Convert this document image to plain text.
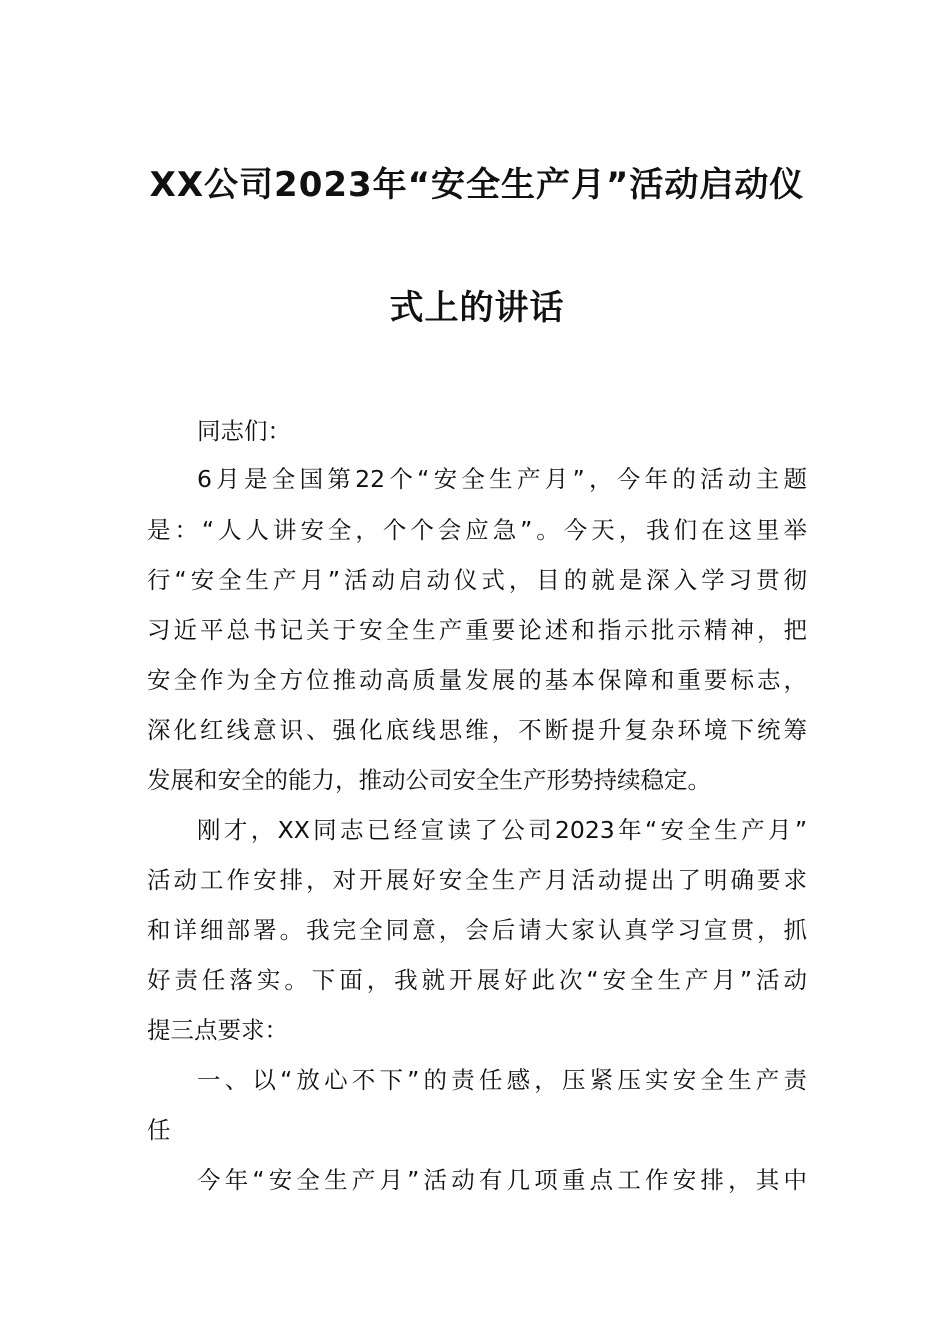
XX公司2023年“安全生产月”活动启动仪
式上的讲话

同志们：

6月是全国第22个“安全生产月”，今年的活动主题

是：“人人讲安全，个个会应急”。今天，我们在这里举

行“安全生产月”活动启动仪式，目的就是深入学习贯彻

习近平总书记关于安全生产重要论述和指示批示精神，把

安全作为全方位推动高质量发展的基本保障和重要标志，

深化红线意识、强化底线思维，不断提升复杂环境下统筹

发展和安全的能力，推动公司安全生产形势持续稳定。

刚才，XX同志已经宣读了公司2023年“安全生产月”

活动工作安排，对开展好安全生产月活动提出了明确要求

和详细部署。我完全同意，会后请大家认真学习宣贯，抓

好责任落实。下面，我就开展好此次“安全生产月”活动

提三点要求：

一、以“放心不下”的责任感，压紧压实安全生产责

任

今年“安全生产月”活动有几项重点工作安排，其中
